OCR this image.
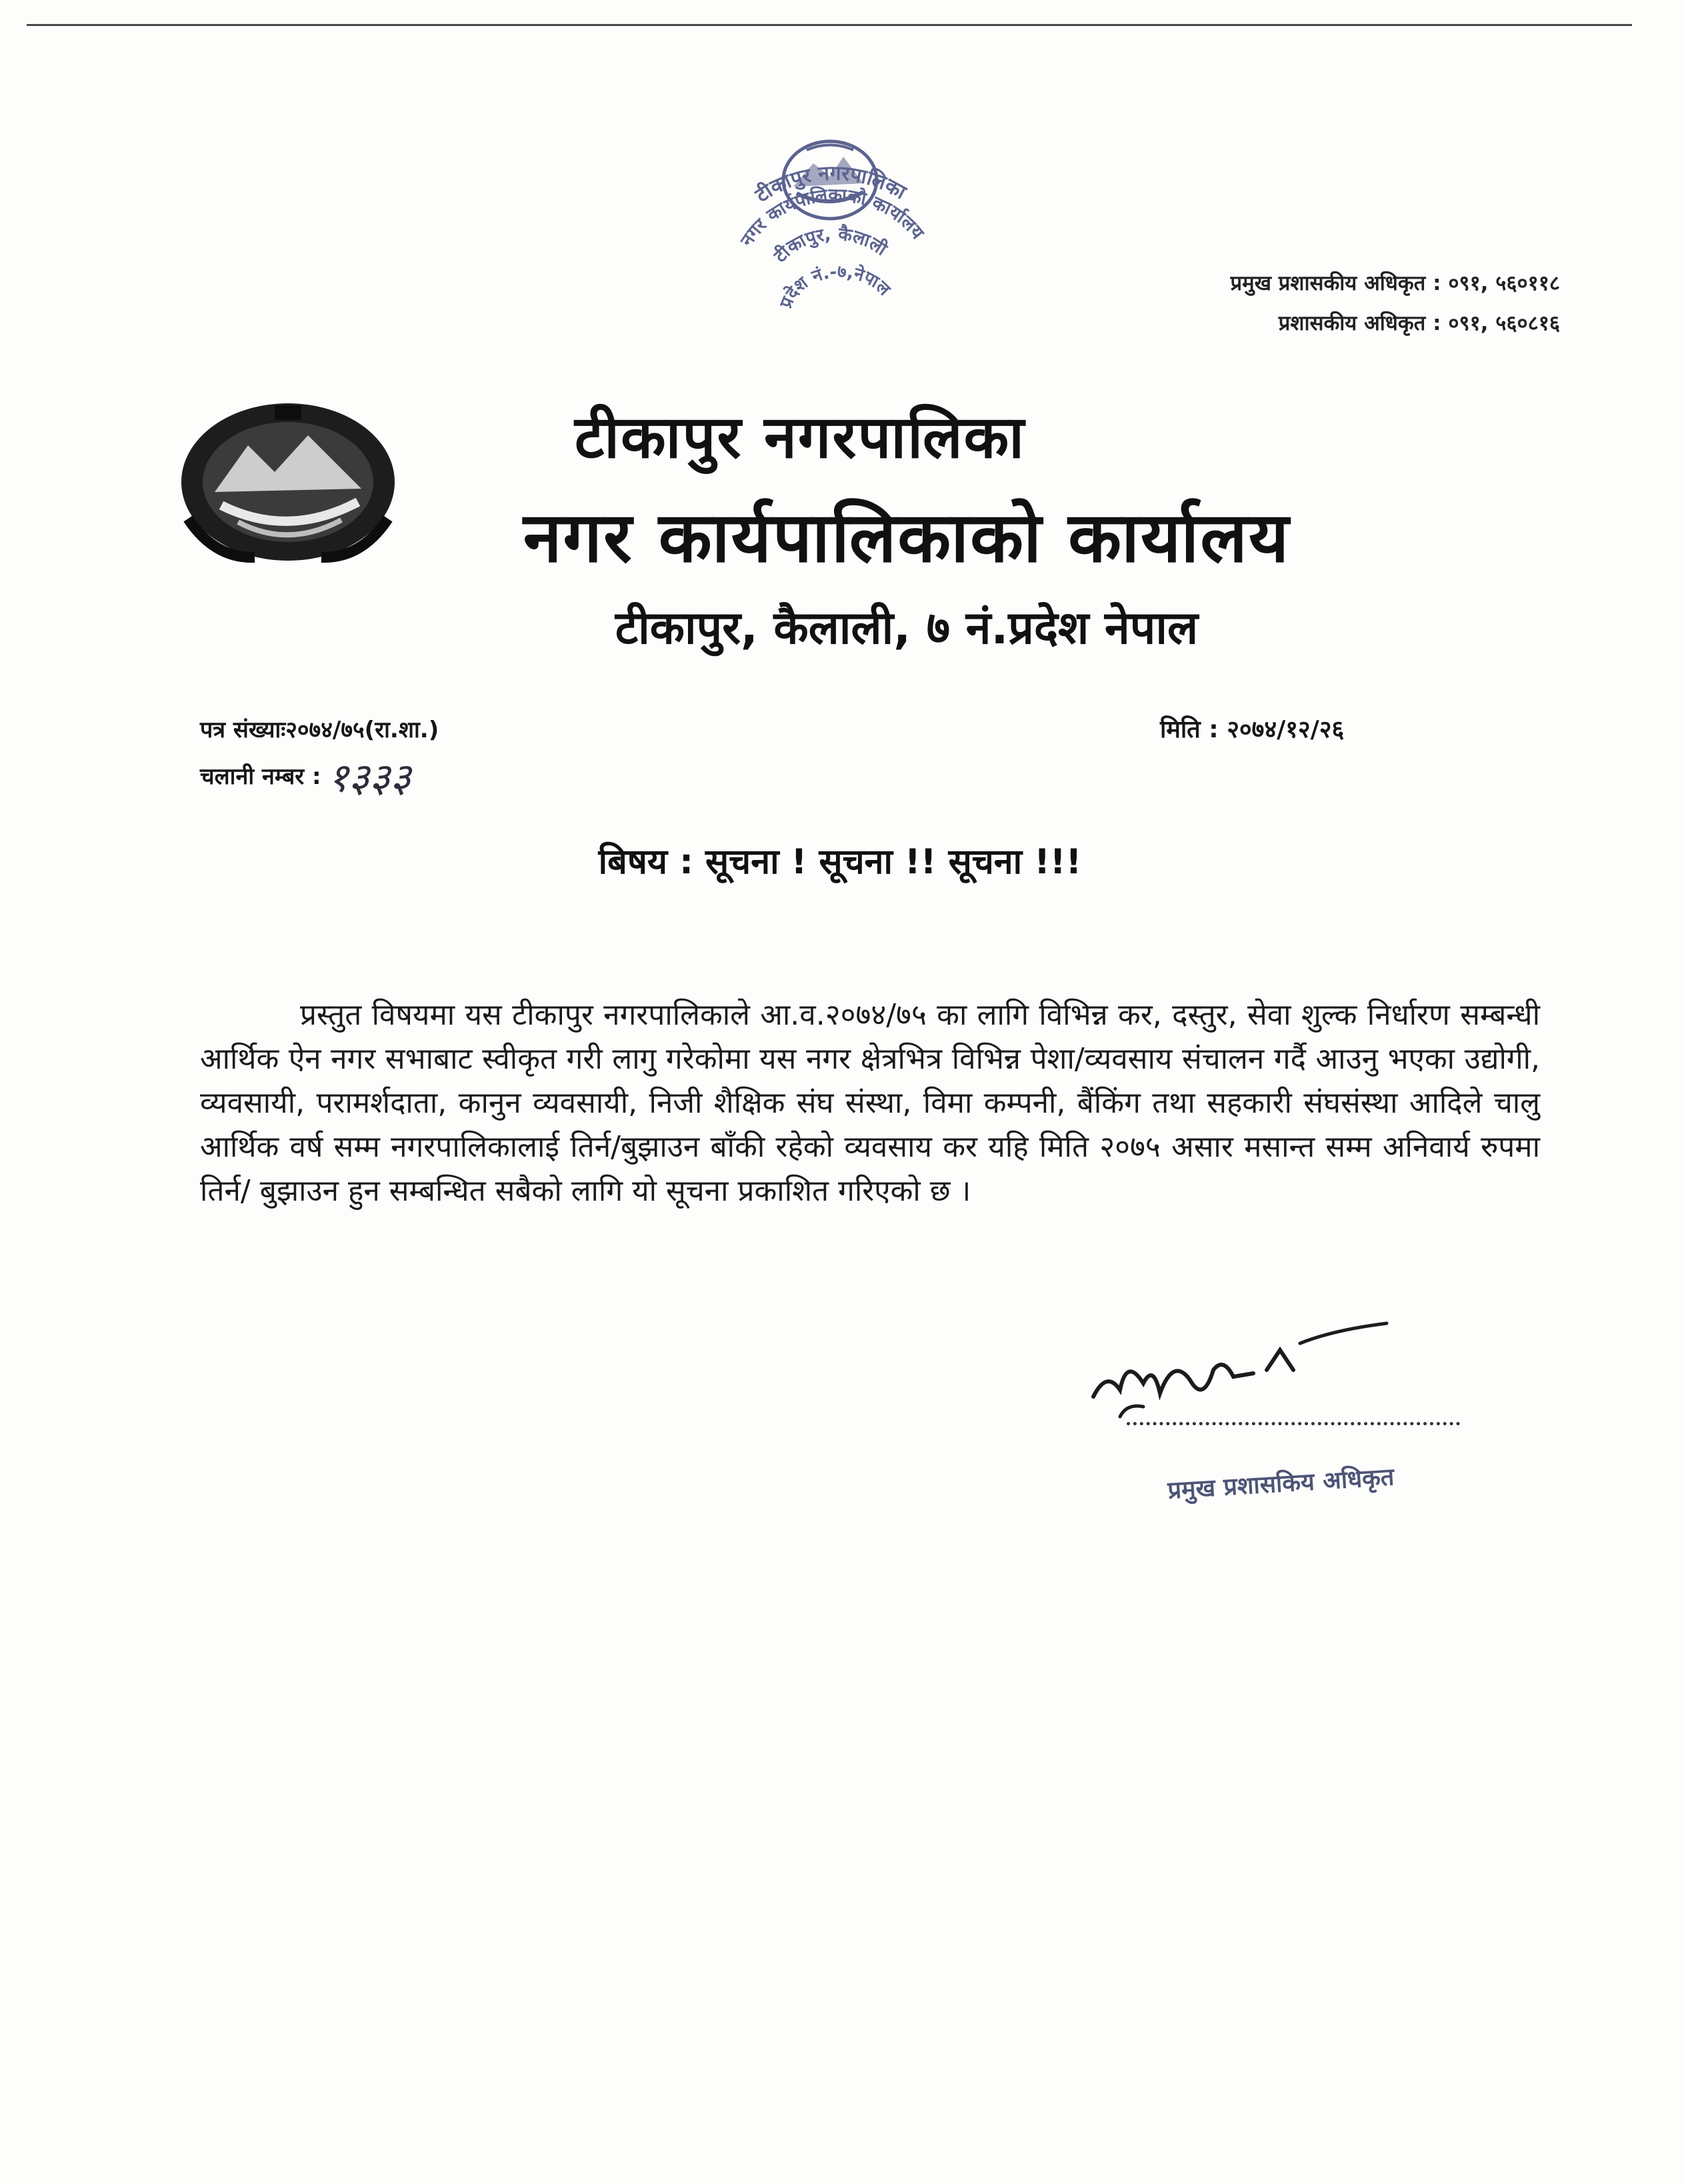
टीकापुर नगरपालिका
नगर कार्यपालिकाको कार्यालय
टीकापुर, कैलाली
प्रदेश नं.-७,नेपाल	प्रमुख प्रशासकीय अधिकृत : ०९१, ५६०११८
प्रशासकीय अधिकृत : ०९१, ५६०८१६
टीकापुर नगरपालिका
नगर कार्यपालिकाको कार्यालय
टीकापुर, कैलाली, ७ नं.प्रदेश नेपाल
पत्र संख्याः२०७४/७५(रा.शा.)
चलानी नम्बर : १३३३
मिति : २०७४/१२/२६
बिषय : सूचना ! सूचना !! सूचना !!!
प्रस्तुत विषयमा यस टीकापुर नगरपालिकाले आ.व.२०७४/७५ का लागि विभिन्न कर, दस्तुर, सेवा शुल्क निर्धारण सम्बन्धी आर्थिक ऐन नगर सभाबाट स्वीकृत गरी लागु गरेकोमा यस नगर क्षेत्रभित्र विभिन्न पेशा/व्यवसाय संचालन गर्दै आउनु भएका उद्योगी, व्यवसायी, परामर्शदाता, कानुन व्यवसायी, निजी शैक्षिक संघ संस्था, विमा कम्पनी, बैंकिंग तथा सहकारी संघसंस्था आदिले चालु आर्थिक वर्ष सम्म नगरपालिकालाई तिर्न/बुझाउन बाँकी रहेको व्यवसाय कर यहि मिति २०७५ असार मसान्त सम्म अनिवार्य रुपमा तिर्न/ बुझाउन हुन सम्बन्धित सबैको लागि यो सूचना प्रकाशित गरिएको छ ।
प्रमुख प्रशासकिय अधिकृत
